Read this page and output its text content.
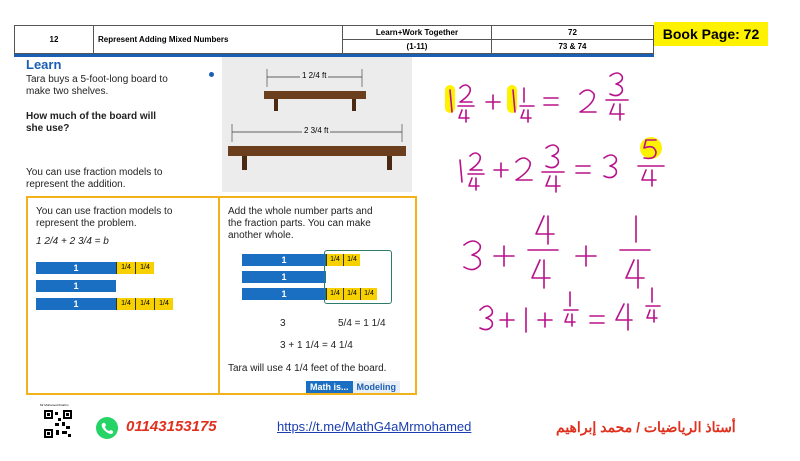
12	Represent Adding Mixed Numbers	Learn+Work Together	72
		(1-11)	73 & 74
Book Page: 72
Learn
Tara buys a 5-foot-long board to
make two shelves.
How much of the board will
she use?
You can use fraction models to
represent the addition.
1 2/4 ft
2 3/4 ft
You can use fraction models to
represent the problem.
1 2/4 + 2 3/4 = b
1	1/4	1/4
1
1	1/4	1/4	1/4
Add the whole number parts and
the fraction parts. You can make
another whole.
1	1/4	1/4
1
1	1/4	1/4	1/4
3	5/4 = 1 1/4
3 + 1 1/4 = 4 1/4
Tara will use 4 1/4 feet of the board.
Math is... Modeling
Mr Mohamed Ibrahim
01143153175	https://t.me/MathG4aMrmohamed	أستاذ الرياضيات / محمد إبراهيم
